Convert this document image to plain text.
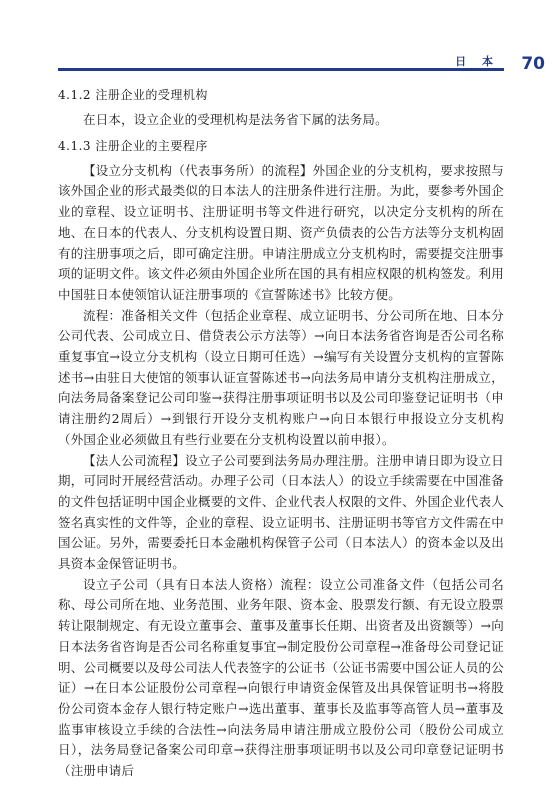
日 本 70
4.1.2 注册企业的受理机构

在日本，设立企业的受理机构是法务省下属的法务局。

4.1.3 注册企业的主要程序

【设立分支机构（代表事务所）的流程】外国企业的分支机构，要求按照与该外国企业的形式最类似的日本法人的注册条件进行注册。为此，要参考外国企业的章程、设立证明书、注册证明书等文件进行研究，以决定分支机构的所在地、在日本的代表人、分支机构设置日期、资产负债表的公告方法等分支机构固有的注册事项之后，即可确定注册。申请注册成立分支机构时，需要提交注册事项的证明文件。该文件必须由外国企业所在国的具有相应权限的机构签发。利用中国驻日本使领馆认证注册事项的《宣誓陈述书》比较方便。

流程：准备相关文件（包括企业章程、成立证明书、分公司所在地、日本分公司代表、公司成立日、借贷表公示方法等）→向日本法务省咨询是否公司名称重复事宜→设立分支机构（设立日期可任选）→编写有关设置分支机构的宣誓陈述书→由驻日大使馆的领事认证宣誓陈述书→向法务局申请分支机构注册成立，向法务局备案登记公司印鉴→获得注册事项证明书以及公司印鉴登记证明书（申请注册约2周后）→到银行开设分支机构账户→向日本银行申报设立分支机构（外国企业必须做且有些行业要在分支机构设置以前申报）。

【法人公司流程】设立子公司要到法务局办理注册。注册申请日即为设立日期，可同时开展经营活动。办理子公司（日本法人）的设立手续需要在中国准备的文件包括证明中国企业概要的文件、企业代表人权限的文件、外国企业代表人签名真实性的文件等，企业的章程、设立证明书、注册证明书等官方文件需在中国公证。另外，需要委托日本金融机构保管子公司（日本法人）的资本金以及出具资本金保管证明书。

设立子公司（具有日本法人资格）流程：设立公司准备文件（包括公司名称、母公司所在地、业务范围、业务年限、资本金、股票发行额、有无设立股票转让限制规定、有无设立董事会、董事及董事长任期、出资者及出资额等）→向日本法务省咨询是否公司名称重复事宜→制定股份公司章程→准备母公司登记证明、公司概要以及母公司法人代表签字的公证书（公证书需要中国公证人员的公证）→在日本公证股份公司章程→向银行申请资金保管及出具保管证明书→将股份公司资本金存人银行特定账户→选出董事、董事长及监事等高管人员→董事及监事审核设立手续的合法性→向法务局申请注册成立股份公司（股份公司成立日），法务局登记备案公司印章→获得注册事项证明书以及公司印章登记证明书（注册申请后
